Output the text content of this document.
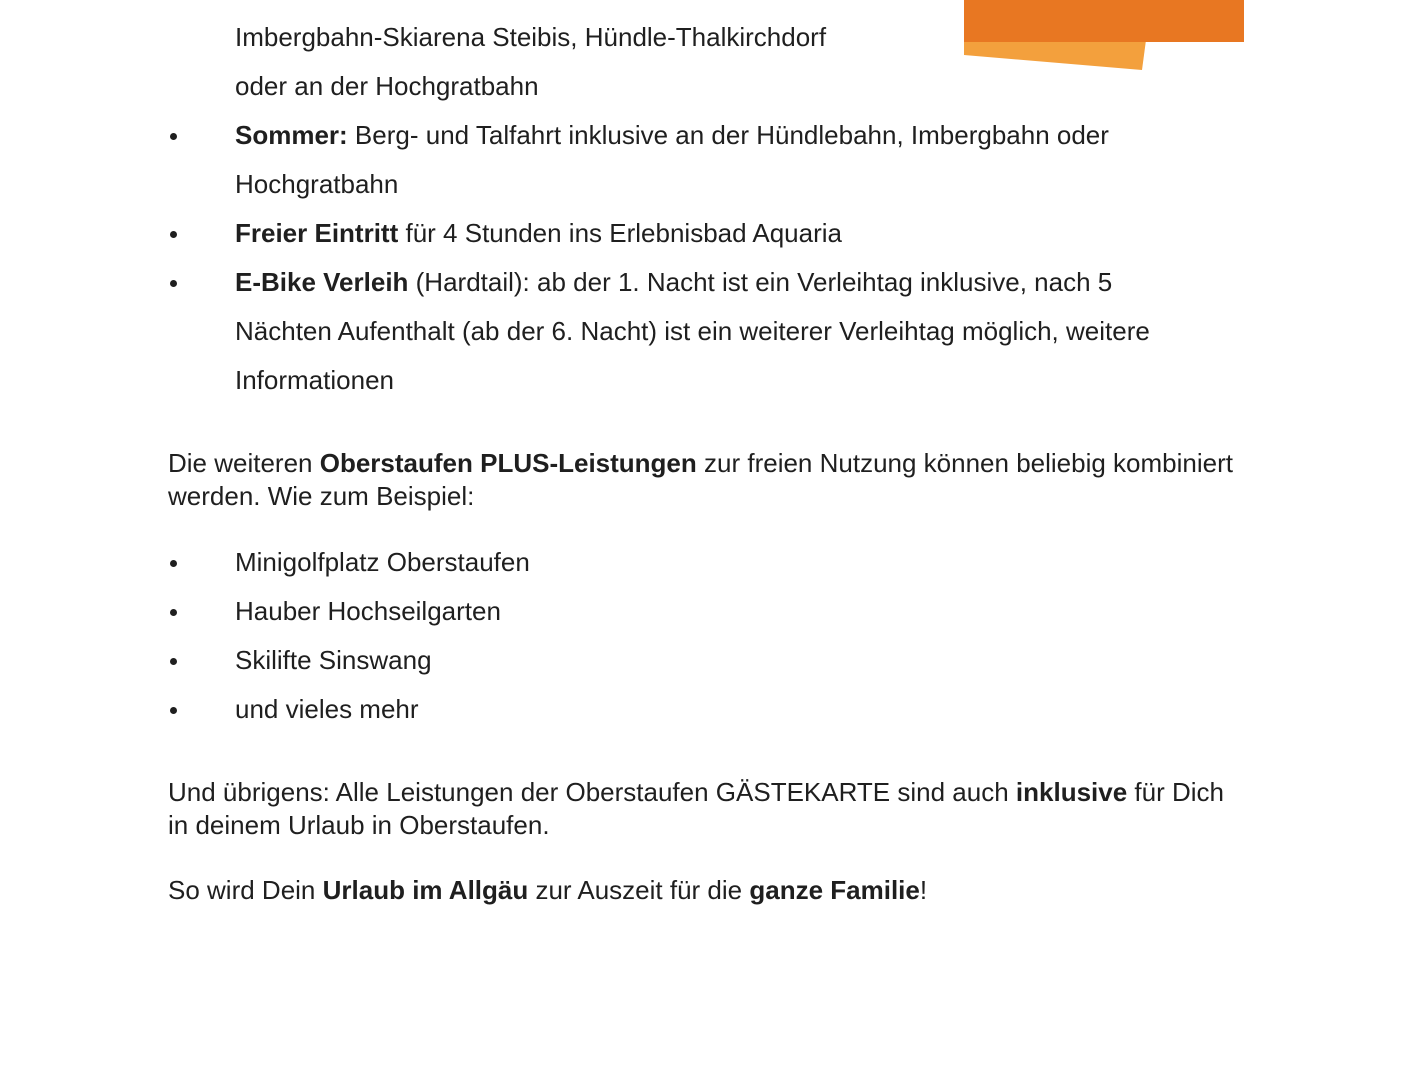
Imbergbahn-Skiarena Steibis, Hündle-Thalkirchdorf
oder an der Hochgratbahn
Sommer: Berg- und Talfahrt inklusive an der Hündlebahn, Imbergbahn oder
Hochgratbahn
Freier Eintritt für 4 Stunden ins Erlebnisbad Aquaria
E-Bike Verleih (Hardtail): ab der 1. Nacht ist ein Verleihtag inklusive, nach 5
Nächten Aufenthalt (ab der 6. Nacht) ist ein weiterer Verleihtag möglich, weitere
Informationen
Die weiteren Oberstaufen PLUS-Leistungen zur freien Nutzung können beliebig kombiniert werden. Wie zum Beispiel:
Minigolfplatz Oberstaufen
Hauber Hochseilgarten
Skilifte Sinswang
und vieles mehr
Und übrigens: Alle Leistungen der Oberstaufen GÄSTEKARTE sind auch inklusive für Dich in deinem Urlaub in Oberstaufen.
So wird Dein Urlaub im Allgäu zur Auszeit für die ganze Familie!
